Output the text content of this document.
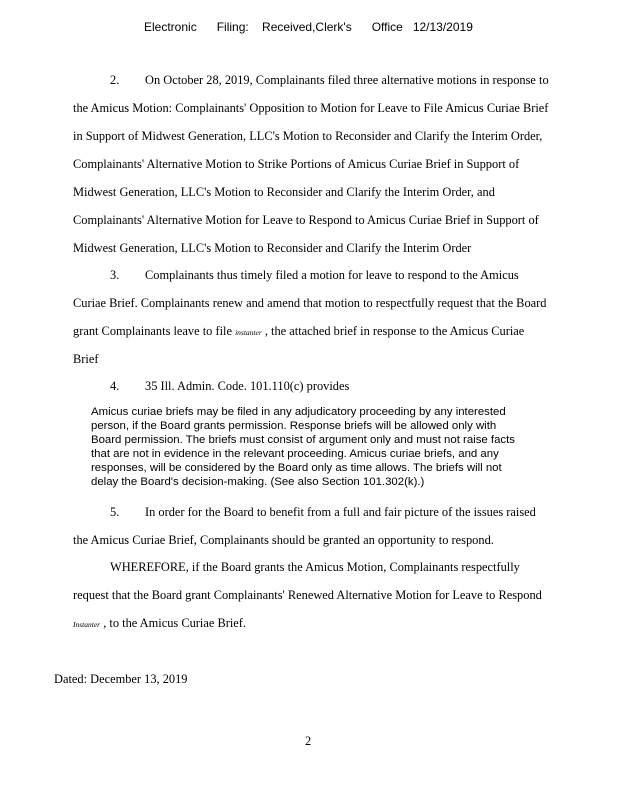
Electronic      Filing:    Received,Clerk's      Office   12/13/2019
2. On October 28, 2019, Complainants filed three alternative motions in response to
the Amicus Motion: Complainants' Opposition to Motion for Leave to File Amicus Curiae Brief
in Support of Midwest Generation, LLC's Motion to Reconsider and Clarify the Interim Order,
Complainants' Alternative Motion to Strike Portions of Amicus Curiae Brief in Support of
Midwest Generation, LLC's Motion to Reconsider and Clarify the Interim Order, and
Complainants' Alternative Motion for Leave to Respond to Amicus Curiae Brief in Support of
Midwest Generation, LLC's Motion to Reconsider and Clarify the Interim Order
3. Complainants thus timely filed a motion for leave to respond to the Amicus
Curiae Brief. Complainants renew and amend that motion to respectfully request that the Board
grant Complainants leave to file instanter , the attached brief in response to the Amicus Curiae
Brief
4. 35 Ill. Admin. Code. 101.110(c) provides
Amicus curiae briefs may be filed in any adjudicatory proceeding by any interested
person, if the Board grants permission. Response briefs will be allowed only with
Board permission. The briefs must consist of argument only and must not raise facts
that are not in evidence in the relevant proceeding. Amicus curiae briefs, and any
responses, will be considered by the Board only as time allows. The briefs will not
delay the Board's decision-making. (See also Section 101.302(k).)
5. In order for the Board to benefit from a full and fair picture of the issues raised
the Amicus Curiae Brief, Complainants should be granted an opportunity to respond.
WHEREFORE, if the Board grants the Amicus Motion, Complainants respectfully
request that the Board grant Complainants' Renewed Alternative Motion for Leave to Respond
Instanter , to the Amicus Curiae Brief.
Dated: December 13, 2019
2
